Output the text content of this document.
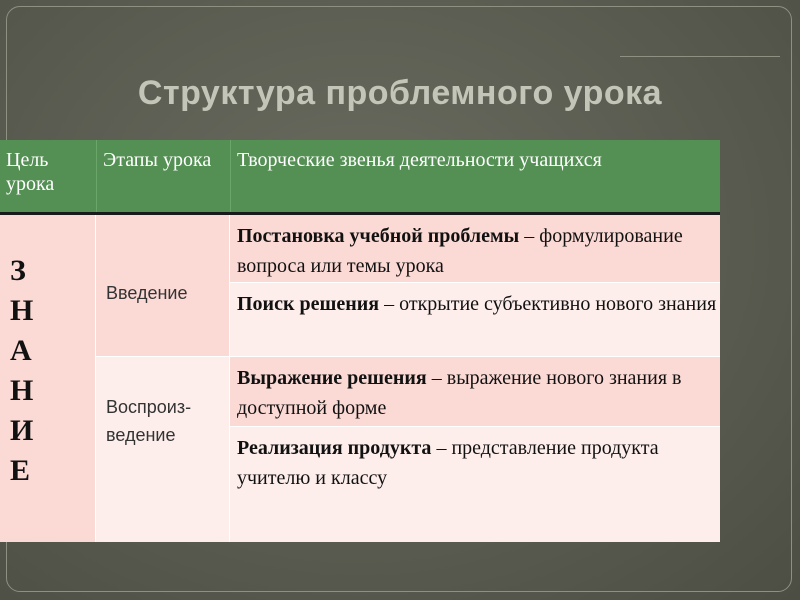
Структура проблемного урока
Цель урока
Этапы урока	Творческие звенья деятельности учащихся
З
Н
А
Н
И
Е
Введение
Воспроиз-ведение
Постановка учебной проблемы – формулирование вопроса или темы урока
Поиск решения – открытие субъективно нового знания
Выражение решения – выражение нового знания в доступной форме
Реализация продукта – представление продукта учителю и классу
